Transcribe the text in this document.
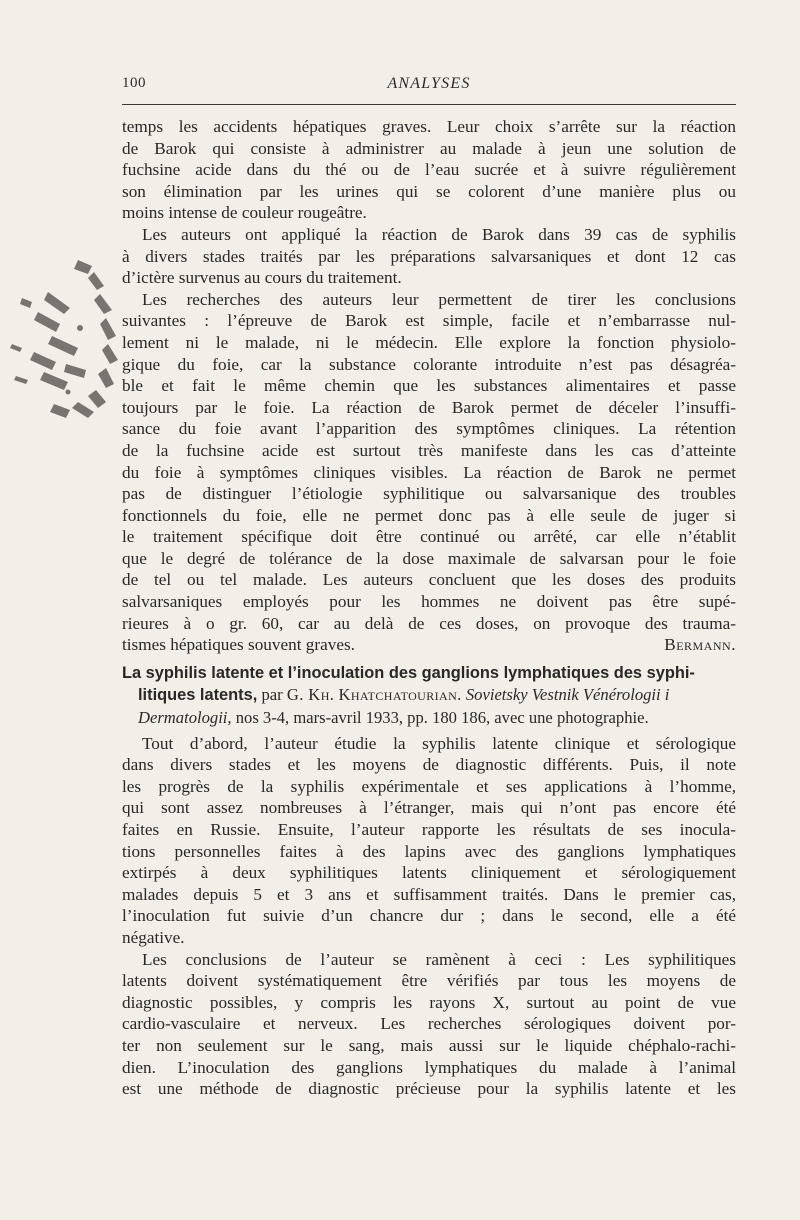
100	ANALYSES

temps les accidents hépatiques graves. Leur choix s’arrête sur la réaction
de Barok qui consiste à administrer au malade à jeun une solution de
fuchsine acide dans du thé ou de l’eau sucrée et à suivre régulièrement
son élimination par les urines qui se colorent d’une manière plus ou
moins intense de couleur rougeâtre.

Les auteurs ont appliqué la réaction de Barok dans 39 cas de syphilis
à divers stades traités par les préparations salvarsaniques et dont 12 cas
d’ictère survenus au cours du traitement.

Les recherches des auteurs leur permettent de tirer les conclusions
suivantes : l’épreuve de Barok est simple, facile et n’embarrasse nul-
lement ni le malade, ni le médecin. Elle explore la fonction physiolo-
gique du foie, car la substance colorante introduite n’est pas désagréa-
ble et fait le même chemin que les substances alimentaires et passe
toujours par le foie. La réaction de Barok permet de déceler l’insuffi-
sance du foie avant l’apparition des symptômes cliniques. La rétention
de la fuchsine acide est surtout très manifeste dans les cas d’atteinte
du foie à symptômes cliniques visibles. La réaction de Barok ne permet
pas de distinguer l’étiologie syphilitique ou salvarsanique des troubles
fonctionnels du foie, elle ne permet donc pas à elle seule de juger si
le traitement spécifique doit être continué ou arrêté, car elle n’établit
que le degré de tolérance de la dose maximale de salvarsan pour le foie
de tel ou tel malade. Les auteurs concluent que les doses des produits
salvarsaniques employés pour les hommes ne doivent pas être supé-
rieures à o gr. 60, car au delà de ces doses, on provoque des trauma-
tismes hépatiques souvent graves.	Bermann.

La syphilis latente et l’inoculation des ganglions lymphatiques des syphi-litiques latents, par G. Kh. Khatchatourian. Sovietsky Vestnik Vénérologii i Dermatologii, nos 3-4, mars-avril 1933, pp. 180 186, avec une photographie.

Tout d’abord, l’auteur étudie la syphilis latente clinique et sérologique
dans divers stades et les moyens de diagnostic différents. Puis, il note
les progrès de la syphilis expérimentale et ses applications à l’homme,
qui sont assez nombreuses à l’étranger, mais qui n’ont pas encore été
faites en Russie. Ensuite, l’auteur rapporte les résultats de ses inocula-
tions personnelles faites à des lapins avec des ganglions lymphatiques
extirpés à deux syphilitiques latents cliniquement et sérologiquement
malades depuis 5 et 3 ans et suffisamment traités. Dans le premier cas,
l’inoculation fut suivie d’un chancre dur ; dans le second, elle a été
négative.

Les conclusions de l’auteur se ramènent à ceci : Les syphilitiques
latents doivent systématiquement être vérifiés par tous les moyens de
diagnostic possibles, y compris les rayons X, surtout au point de vue
cardio-vasculaire et nerveux. Les recherches sérologiques doivent por-
ter non seulement sur le sang, mais aussi sur le liquide chéphalo-rachi-
dien. L’inoculation des ganglions lymphatiques du malade à l’animal
est une méthode de diagnostic précieuse pour la syphilis latente et les
